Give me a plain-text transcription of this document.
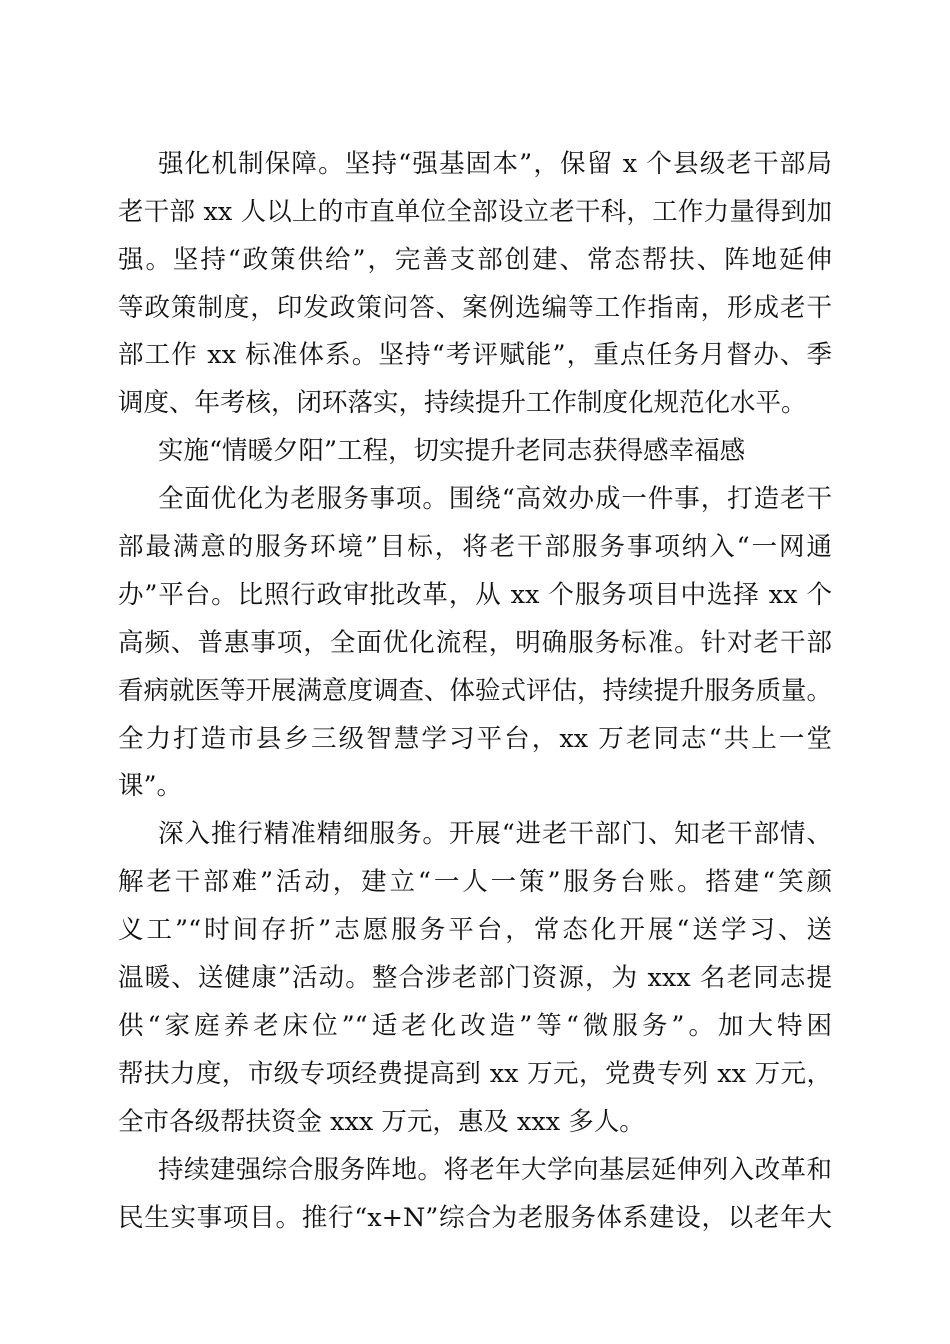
强化机制保障。坚持“强基固本”，保留 x 个县级老干部局
老干部 xx 人以上的市直单位全部设立老干科，工作力量得到加
强。坚持“政策供给”，完善支部创建、常态帮扶、阵地延伸
等政策制度，印发政策问答、案例选编等工作指南，形成老干
部工作 xx 标准体系。坚持“考评赋能”，重点任务月督办、季
调度、年考核，闭环落实，持续提升工作制度化规范化水平。
实施“情暖夕阳”工程，切实提升老同志获得感幸福感
全面优化为老服务事项。围绕“高效办成一件事，打造老干
部最满意的服务环境”目标，将老干部服务事项纳入“一网通
办”平台。比照行政审批改革，从 xx 个服务项目中选择 xx 个
高频、普惠事项，全面优化流程，明确服务标准。针对老干部
看病就医等开展满意度调查、体验式评估，持续提升服务质量。
全力打造市县乡三级智慧学习平台，xx 万老同志“共上一堂
课”。
深入推行精准精细服务。开展“进老干部门、知老干部情、
解老干部难”活动，建立“一人一策”服务台账。搭建“笑颜
义工”“时间存折”志愿服务平台，常态化开展“送学习、送
温暖、送健康”活动。整合涉老部门资源，为 xxx 名老同志提
供“家庭养老床位”“适老化改造”等“微服务”。加大特困
帮扶力度，市级专项经费提高到 xx 万元，党费专列 xx 万元，
全市各级帮扶资金 xxx 万元，惠及 xxx 多人。
持续建强综合服务阵地。将老年大学向基层延伸列入改革和
民生实事项目。推行“x+N”综合为老服务体系建设，以老年大
